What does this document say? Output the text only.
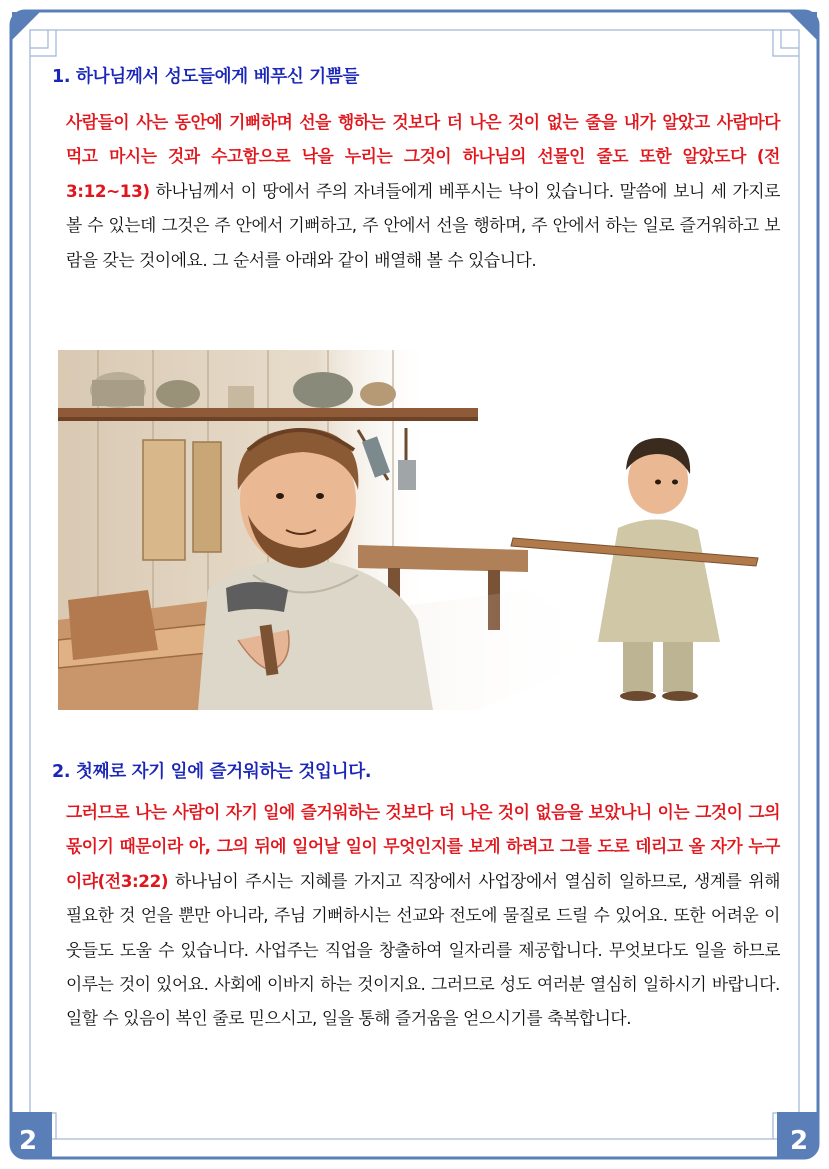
1. 하나님께서 성도들에게 베푸신 기쁨들

사람들이 사는 동안에 기뻐하며 선을 행하는 것보다 더 나은 것이 없는 줄을 내가 알았고 사람마다 먹고 마시는 것과 수고함으로 낙을 누리는 그것이 하나님의 선물인 줄도 또한 알았도다 (전3:12~13) 하나님께서 이 땅에서 주의 자녀들에게 베푸시는 낙이 있습니다. 말씀에 보니 세 가지로 볼 수 있는데 그것은 주 안에서 기뻐하고, 주 안에서 선을 행하며, 주 안에서 하는 일로 즐거워하고 보람을 갖는 것이에요. 그 순서를 아래와 같이 배열해 볼 수 있습니다.

2. 첫째로 자기 일에 즐거워하는 것입니다.

그러므로 나는 사람이 자기 일에 즐거워하는 것보다 더 나은 것이 없음을 보았나니 이는 그것이 그의 몫이기 때문이라 아, 그의 뒤에 일어날 일이 무엇인지를 보게 하려고 그를 도로 데리고 올 자가 누구이랴(전3:22) 하나님이 주시는 지혜를 가지고 직장에서 사업장에서 열심히 일하므로, 생계를 위해 필요한 것 얻을 뿐만 아니라, 주님 기뻐하시는 선교와 전도에 물질로 드릴 수 있어요. 또한 어려운 이웃들도 도울 수 있습니다. 사업주는 직업을 창출하여 일자리를 제공합니다. 무엇보다도 일을 하므로 이루는 것이 있어요. 사회에 이바지 하는 것이지요. 그러므로 성도 여러분 열심히 일하시기 바랍니다. 일할 수 있음이 복인 줄로 믿으시고, 일을 통해 즐거움을 얻으시기를 축복합니다.

2	2
